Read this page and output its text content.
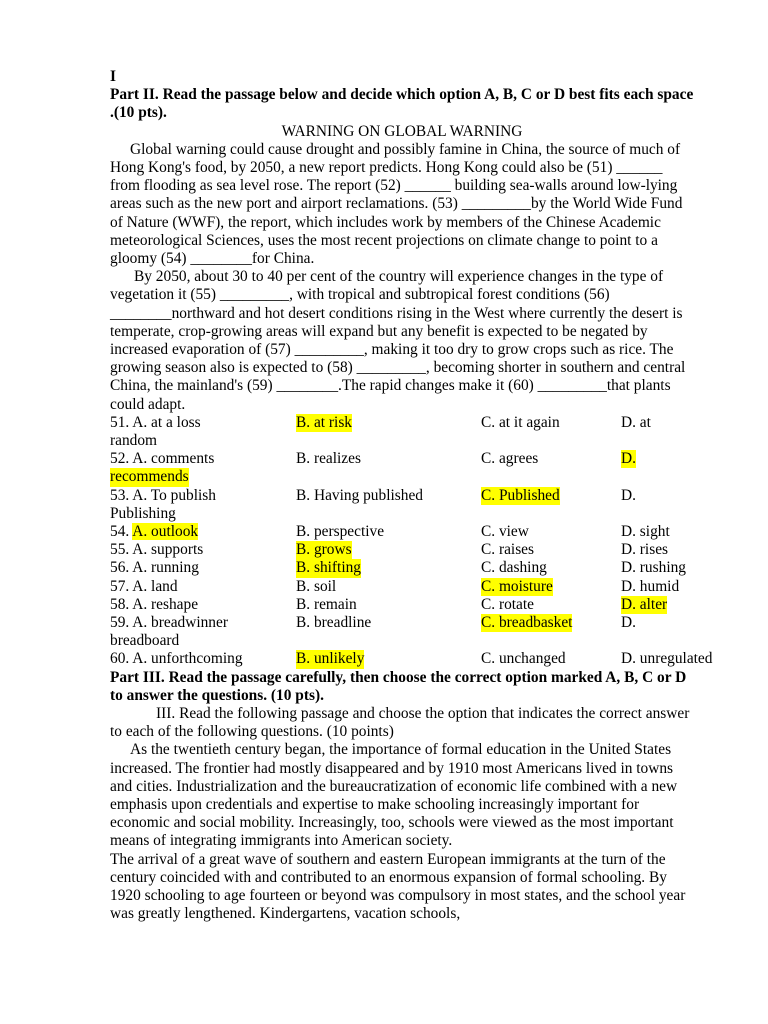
I

Part II. Read the passage below and decide which option A, B, C or D best fits each space .(10 pts).

WARNING ON GLOBAL WARNING

Global warning could cause drought and possibly famine in China, the source of much of Hong Kong's food, by 2050, a new report predicts. Hong Kong could also be (51) ______ from flooding as sea level rose. The report (52) ______ building sea-walls around low-lying areas such as the new port and airport reclamations. (53) _________by the World Wide Fund of Nature (WWF), the report, which includes work by members of the Chinese Academic meteorological Sciences, uses the most recent projections on climate change to point to a gloomy (54) ________for China.

By 2050, about 30 to 40 per cent of the country will experience changes in the type of vegetation it (55) _________, with tropical and subtropical forest conditions (56) ________northward and hot desert conditions rising in the West where currently the desert is temperate, crop-growing areas will expand but any benefit is expected to be negated by increased evaporation of (57) _________, making it too dry to grow crops such as rice. The growing season also is expected to (58) _________, becoming shorter in southern and central China, the mainland's (59) ________.The rapid changes make it (60) _________that plants could adapt.

51. A. at a loss	B. at risk	C. at it again	D. at
random
52. A. comments	B. realizes	C. agrees	D.
recommends
53. A. To publish	B. Having published	C. Published	D.
Publishing
54. A. outlook	B. perspective	C. view	D. sight
55. A. supports	B. grows	C. raises	D. rises
56. A. running	B. shifting	C. dashing	D. rushing
57. A. land	B. soil	C. moisture	D. humid
58. A. reshape	B. remain	C. rotate	D. alter
59. A. breadwinner	B. breadline	C. breadbasket	D.
breadboard
60. A. unforthcoming	B. unlikely	C. unchanged	D. unregulated

Part III. Read the passage carefully, then choose the correct option marked A, B, C or D to answer the questions. (10 pts).

III. Read the following passage and choose the option that indicates the correct answer to each of the following questions. (10 points)

As the twentieth century began, the importance of formal education in the United States increased. The frontier had mostly disappeared and by 1910 most Americans lived in towns and cities. Industrialization and the bureaucratization of economic life combined with a new emphasis upon credentials and expertise to make schooling increasingly important for economic and social mobility. Increasingly, too, schools were viewed as the most important means of integrating immigrants into American society.

The arrival of a great wave of southern and eastern European immigrants at the turn of the century coincided with and contributed to an enormous expansion of formal schooling. By 1920 schooling to age fourteen or beyond was compulsory in most states, and the school year was greatly lengthened. Kindergartens, vacation schools,
